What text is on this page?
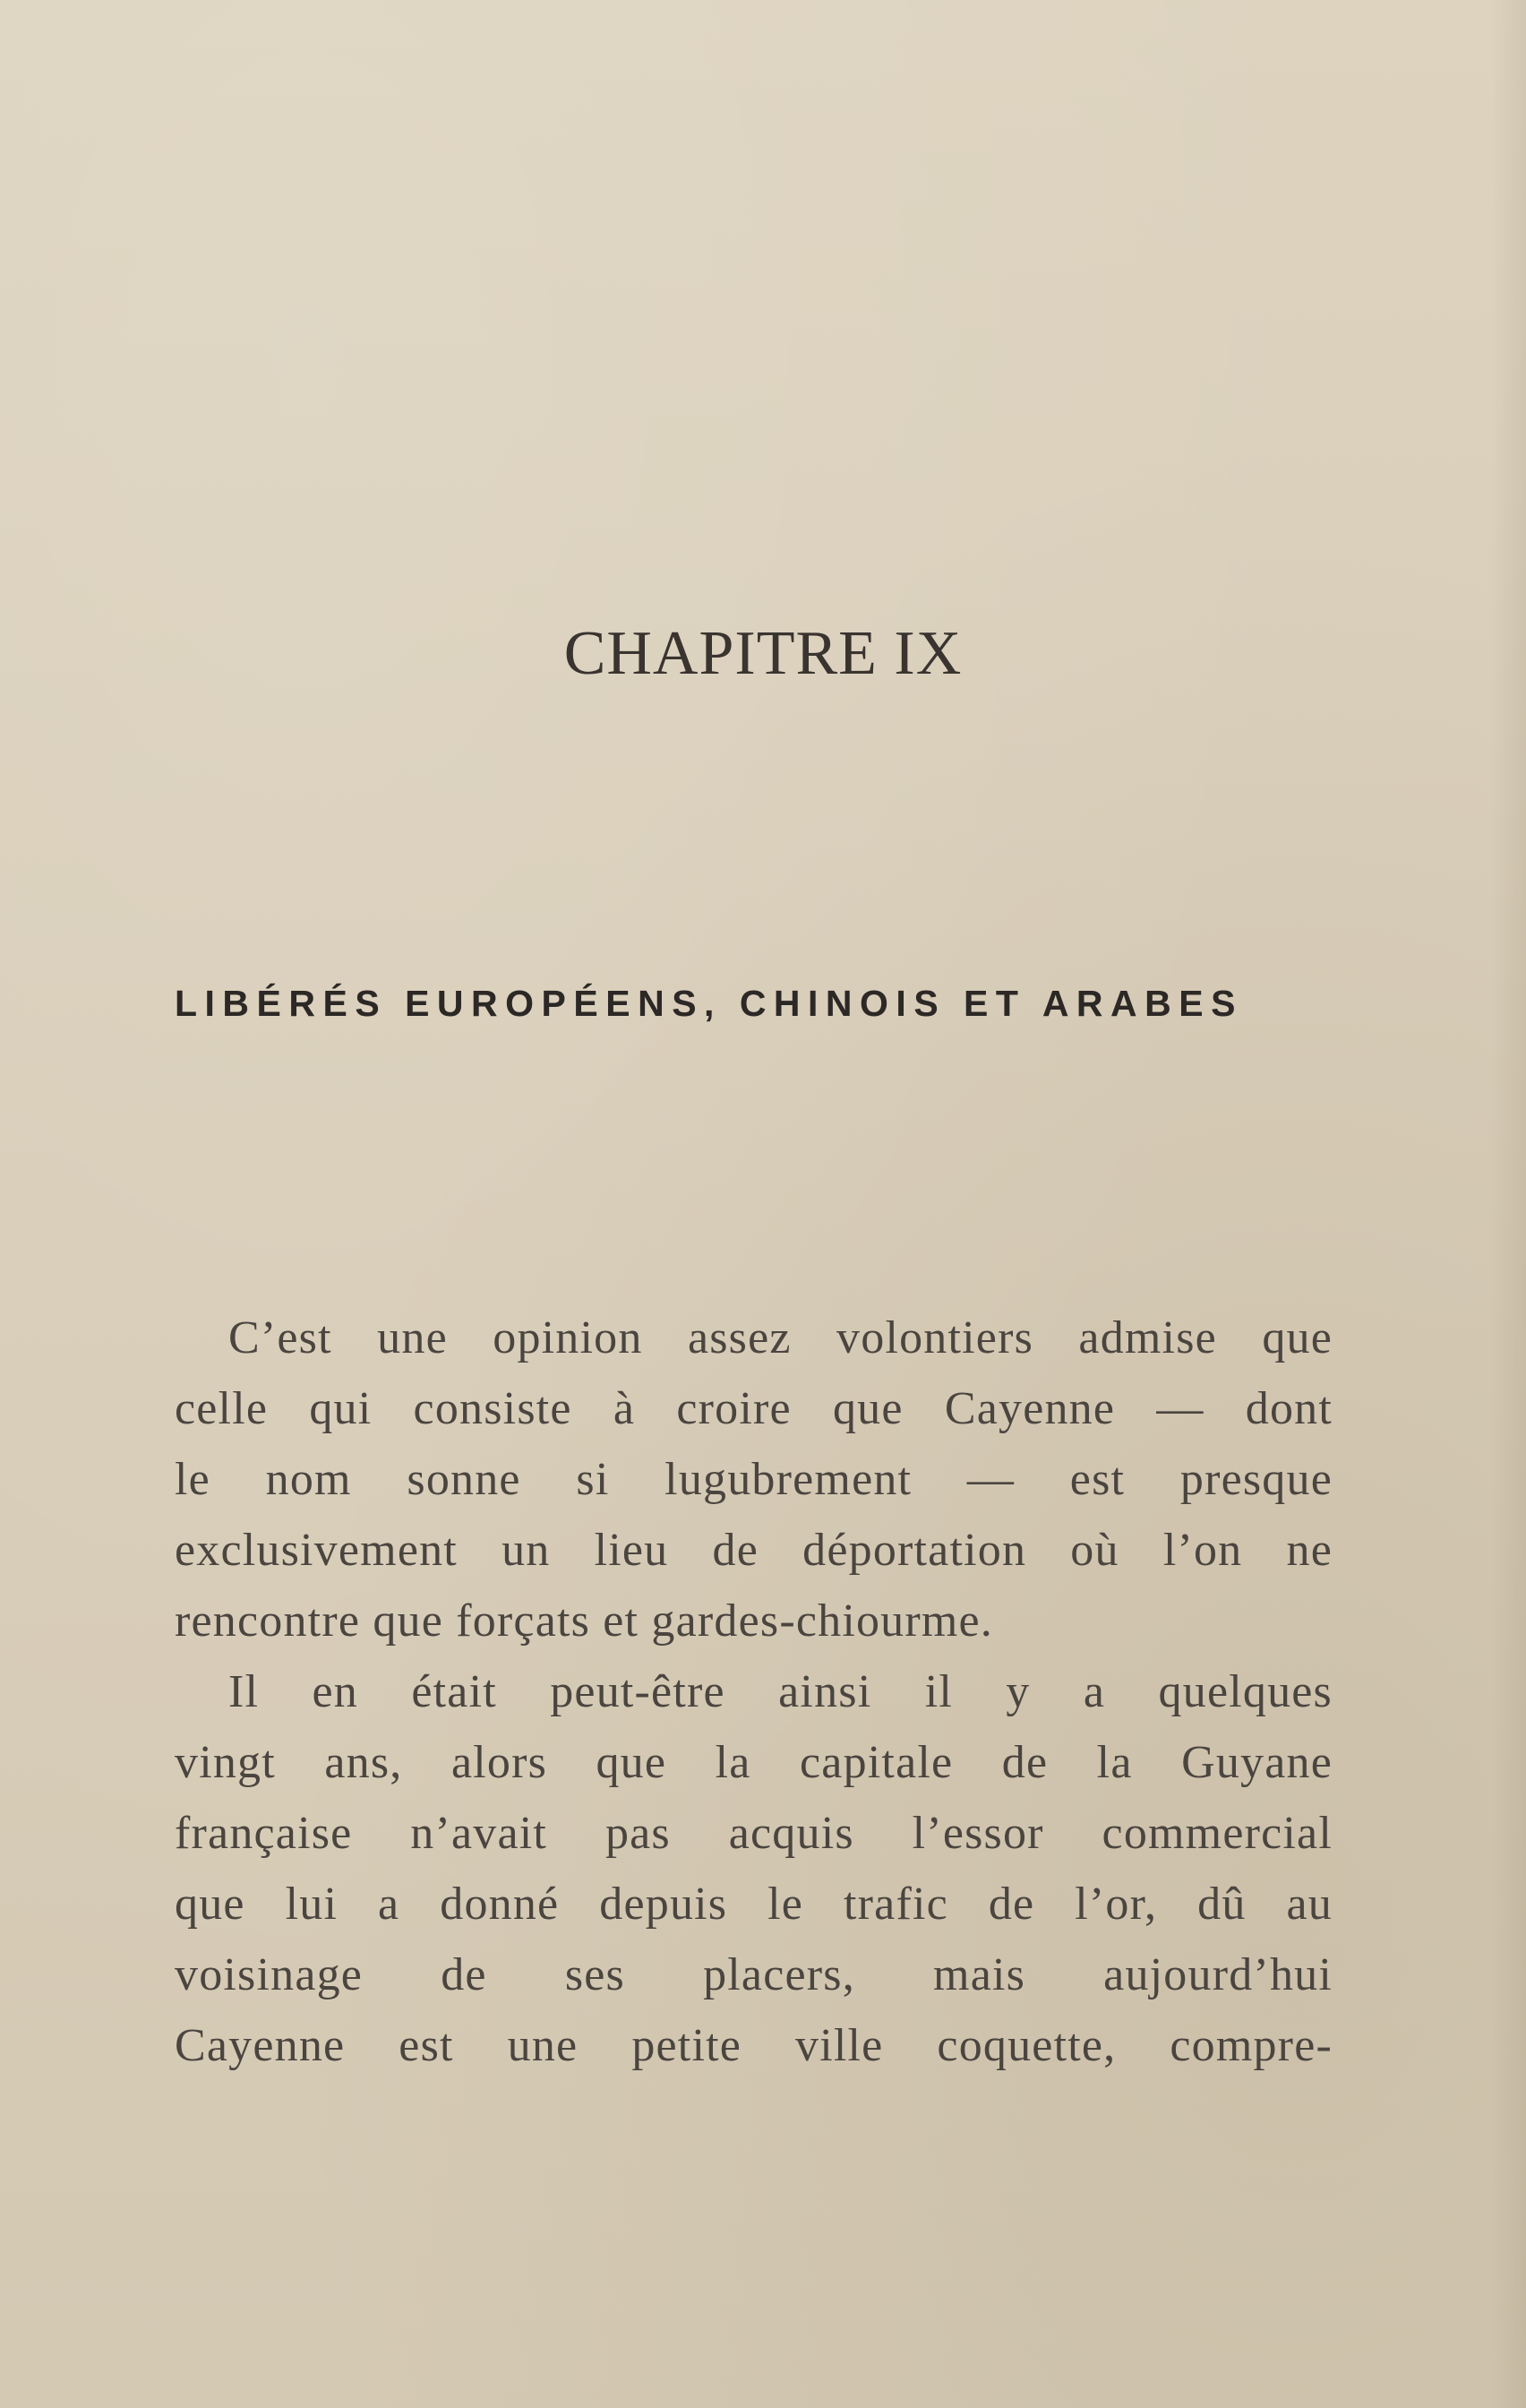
CHAPITRE IX
LIBÉRÉS EUROPÉENS, CHINOIS ET ARABES
C’est une opinion assez volontiers admise que
celle qui consiste à croire que Cayenne — dont
le nom sonne si lugubrement — est presque
exclusivement un lieu de déportation où l’on ne
rencontre que forçats et gardes-chiourme.
Il en était peut-être ainsi il y a quelques
vingt ans, alors que la capitale de la Guyane
française n’avait pas acquis l’essor commercial
que lui a donné depuis le trafic de l’or, dû au
voisinage de ses placers, mais aujourd’hui
Cayenne est une petite ville coquette, compre-
